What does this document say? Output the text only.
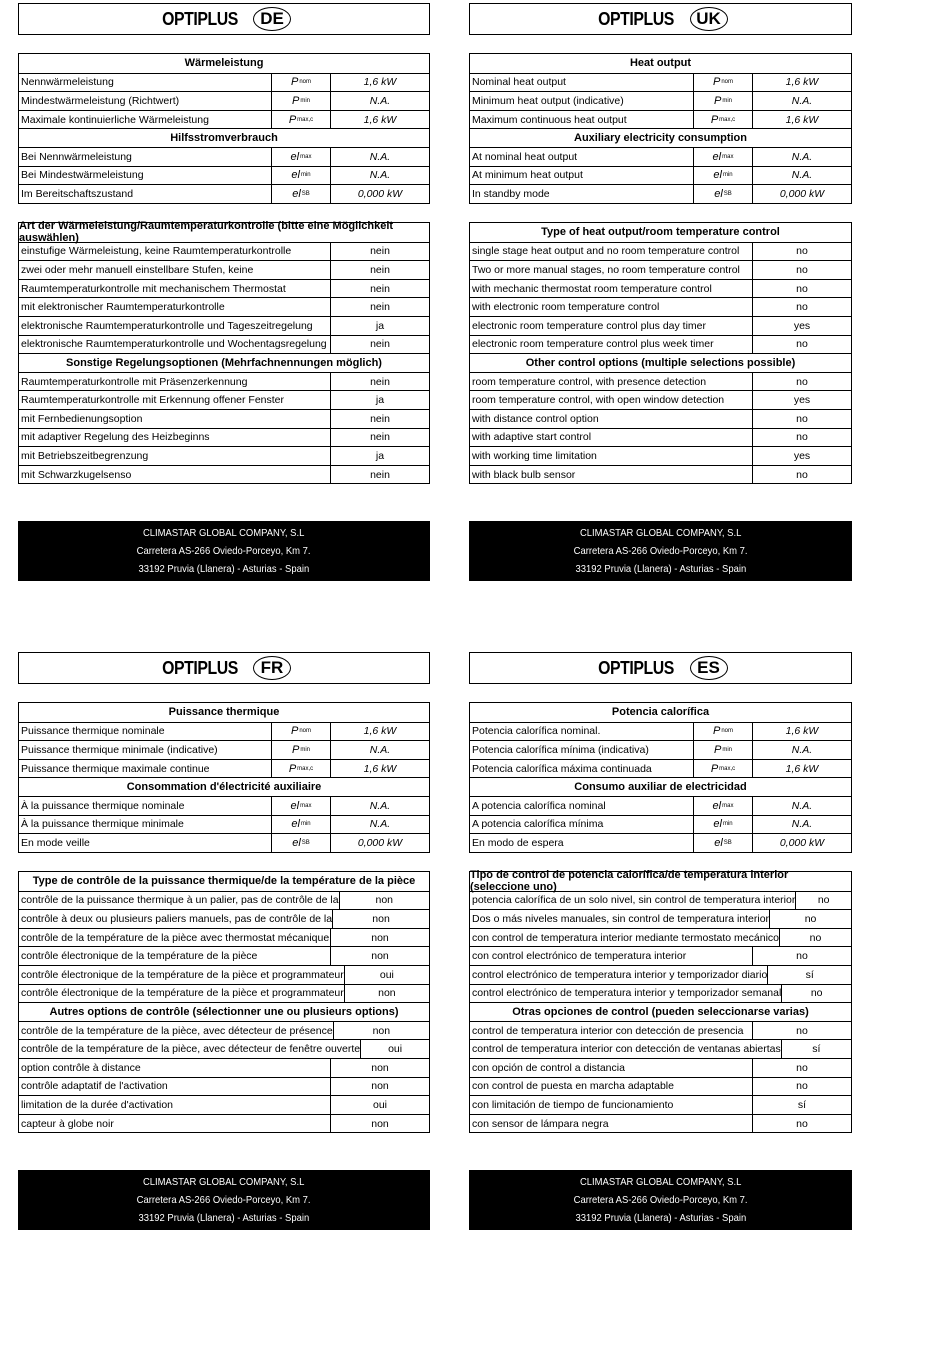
OPTIPLUS	DE
Wärmeleistung
Nennwärmeleistung	P nom	1,6 kW
Mindestwärmeleistung (Richtwert)	P min	N.A.
Maximale kontinuierliche Wärmeleistung	P max,c	1,6 kW
Hilfsstromverbrauch
Bei Nennwärmeleistung	el max	N.A.
Bei Mindestwärmeleistung	el min	N.A.
Im Bereitschaftszustand	el SB	0,000 kW
Art der Wärmeleistung/Raumtemperaturkontrolle (bitte eine Möglichkeit auswählen)
einstufige Wärmeleistung, keine Raumtemperaturkontrolle	nein
zwei oder mehr manuell einstellbare Stufen, keine	nein
Raumtemperaturkontrolle mit mechanischem Thermostat	nein
mit elektronischer Raumtemperaturkontrolle	nein
elektronische Raumtemperaturkontrolle und Tageszeitregelung	ja
elektronische Raumtemperaturkontrolle und Wochentagsregelung	nein
Sonstige Regelungsoptionen (Mehrfachnennungen möglich)
Raumtemperaturkontrolle mit Präsenzerkennung	nein
Raumtemperaturkontrolle mit Erkennung offener Fenster	ja
mit Fernbedienungsoption	nein
mit adaptiver Regelung des Heizbeginns	nein
mit Betriebszeitbegrenzung	ja
mit Schwarzkugelsenso	nein
CLIMASTAR GLOBAL COMPANY, S.L
Carretera AS-266 Oviedo-Porceyo, Km 7.
33192 Pruvia (Llanera) - Asturias - Spain
OPTIPLUS	UK
Heat output
Nominal heat output	P nom	1,6 kW
Minimum heat output (indicative)	P min	N.A.
Maximum continuous heat output	P max,c	1,6 kW
Auxiliary electricity consumption
At nominal heat output	el max	N.A.
At minimum heat output	el min	N.A.
In standby mode	el SB	0,000 kW
Type of heat output/room temperature control
single stage heat output and no room temperature control	no
Two or more manual stages, no room temperature control	no
with mechanic thermostat room temperature control	no
with electronic room temperature control	no
electronic room temperature control plus day timer	yes
electronic room temperature control plus week timer	no
Other control options (multiple selections possible)
room temperature control, with presence detection	no
room temperature control, with open window detection	yes
with distance control option	no
with adaptive start control	no
with working time limitation	yes
with black bulb sensor	no
CLIMASTAR GLOBAL COMPANY, S.L
Carretera AS-266 Oviedo-Porceyo, Km 7.
33192 Pruvia (Llanera) - Asturias - Spain
OPTIPLUS	FR
Puissance thermique
Puissance thermique nominale	P nom	1,6 kW
Puissance thermique minimale (indicative)	P min	N.A.
Puissance thermique maximale continue	P max,c	1,6 kW
Consommation d'électricité auxiliaire
À la puissance thermique nominale	el max	N.A.
À la puissance thermique minimale	el min	N.A.
En mode veille	el SB	0,000 kW
Type de contrôle de la puissance thermique/de la température de la pièce
contrôle de la puissance thermique à un palier, pas de contrôle de la	non
contrôle à deux ou plusieurs paliers manuels, pas de contrôle de la	non
contrôle de la température de la pièce avec thermostat mécanique	non
contrôle électronique de la température de la pièce	non
contrôle électronique de la température de la pièce et programmateur	oui
contrôle électronique de la température de la pièce et programmateur	non
Autres options de contrôle (sélectionner une ou plusieurs options)
contrôle de la température de la pièce, avec détecteur de présence	non
contrôle de la température de la pièce, avec détecteur de fenêtre ouverte	oui
option contrôle à distance	non
contrôle adaptatif de l'activation	non
limitation de la durée d'activation	oui
capteur à globe noir	non
CLIMASTAR GLOBAL COMPANY, S.L
Carretera AS-266 Oviedo-Porceyo, Km 7.
33192 Pruvia (Llanera) - Asturias - Spain
OPTIPLUS	ES
Potencia calorífica
Potencia calorífica nominal.	P nom	1,6 kW
Potencia calorífica mínima (indicativa)	P min	N.A.
Potencia calorífica máxima continuada	P max,c	1,6 kW
Consumo auxiliar de electricidad
A potencia calorífica nominal	el max	N.A.
A potencia calorífica mínima	el min	N.A.
En modo de espera	el SB	0,000 kW
Tipo de control de potencia calorífica/de temperatura interior (seleccione uno)
potencia calorífica de un solo nivel, sin control de temperatura interior	no
Dos o más niveles manuales, sin control de temperatura interior	no
con control de temperatura interior mediante termostato mecánico	no
con control electrónico de temperatura interior	no
control electrónico de temperatura interior y temporizador diario	sí
control electrónico de temperatura interior y temporizador semanal	no
Otras opciones de control (pueden seleccionarse varias)
control de temperatura interior con detección de presencia	no
control de temperatura interior con detección de ventanas abiertas	sí
con opción de control a distancia	no
con control de puesta en marcha adaptable	no
con limitación de tiempo de funcionamiento	sí
con sensor de lámpara negra	no
CLIMASTAR GLOBAL COMPANY, S.L
Carretera AS-266 Oviedo-Porceyo, Km 7.
33192 Pruvia (Llanera) - Asturias - Spain
